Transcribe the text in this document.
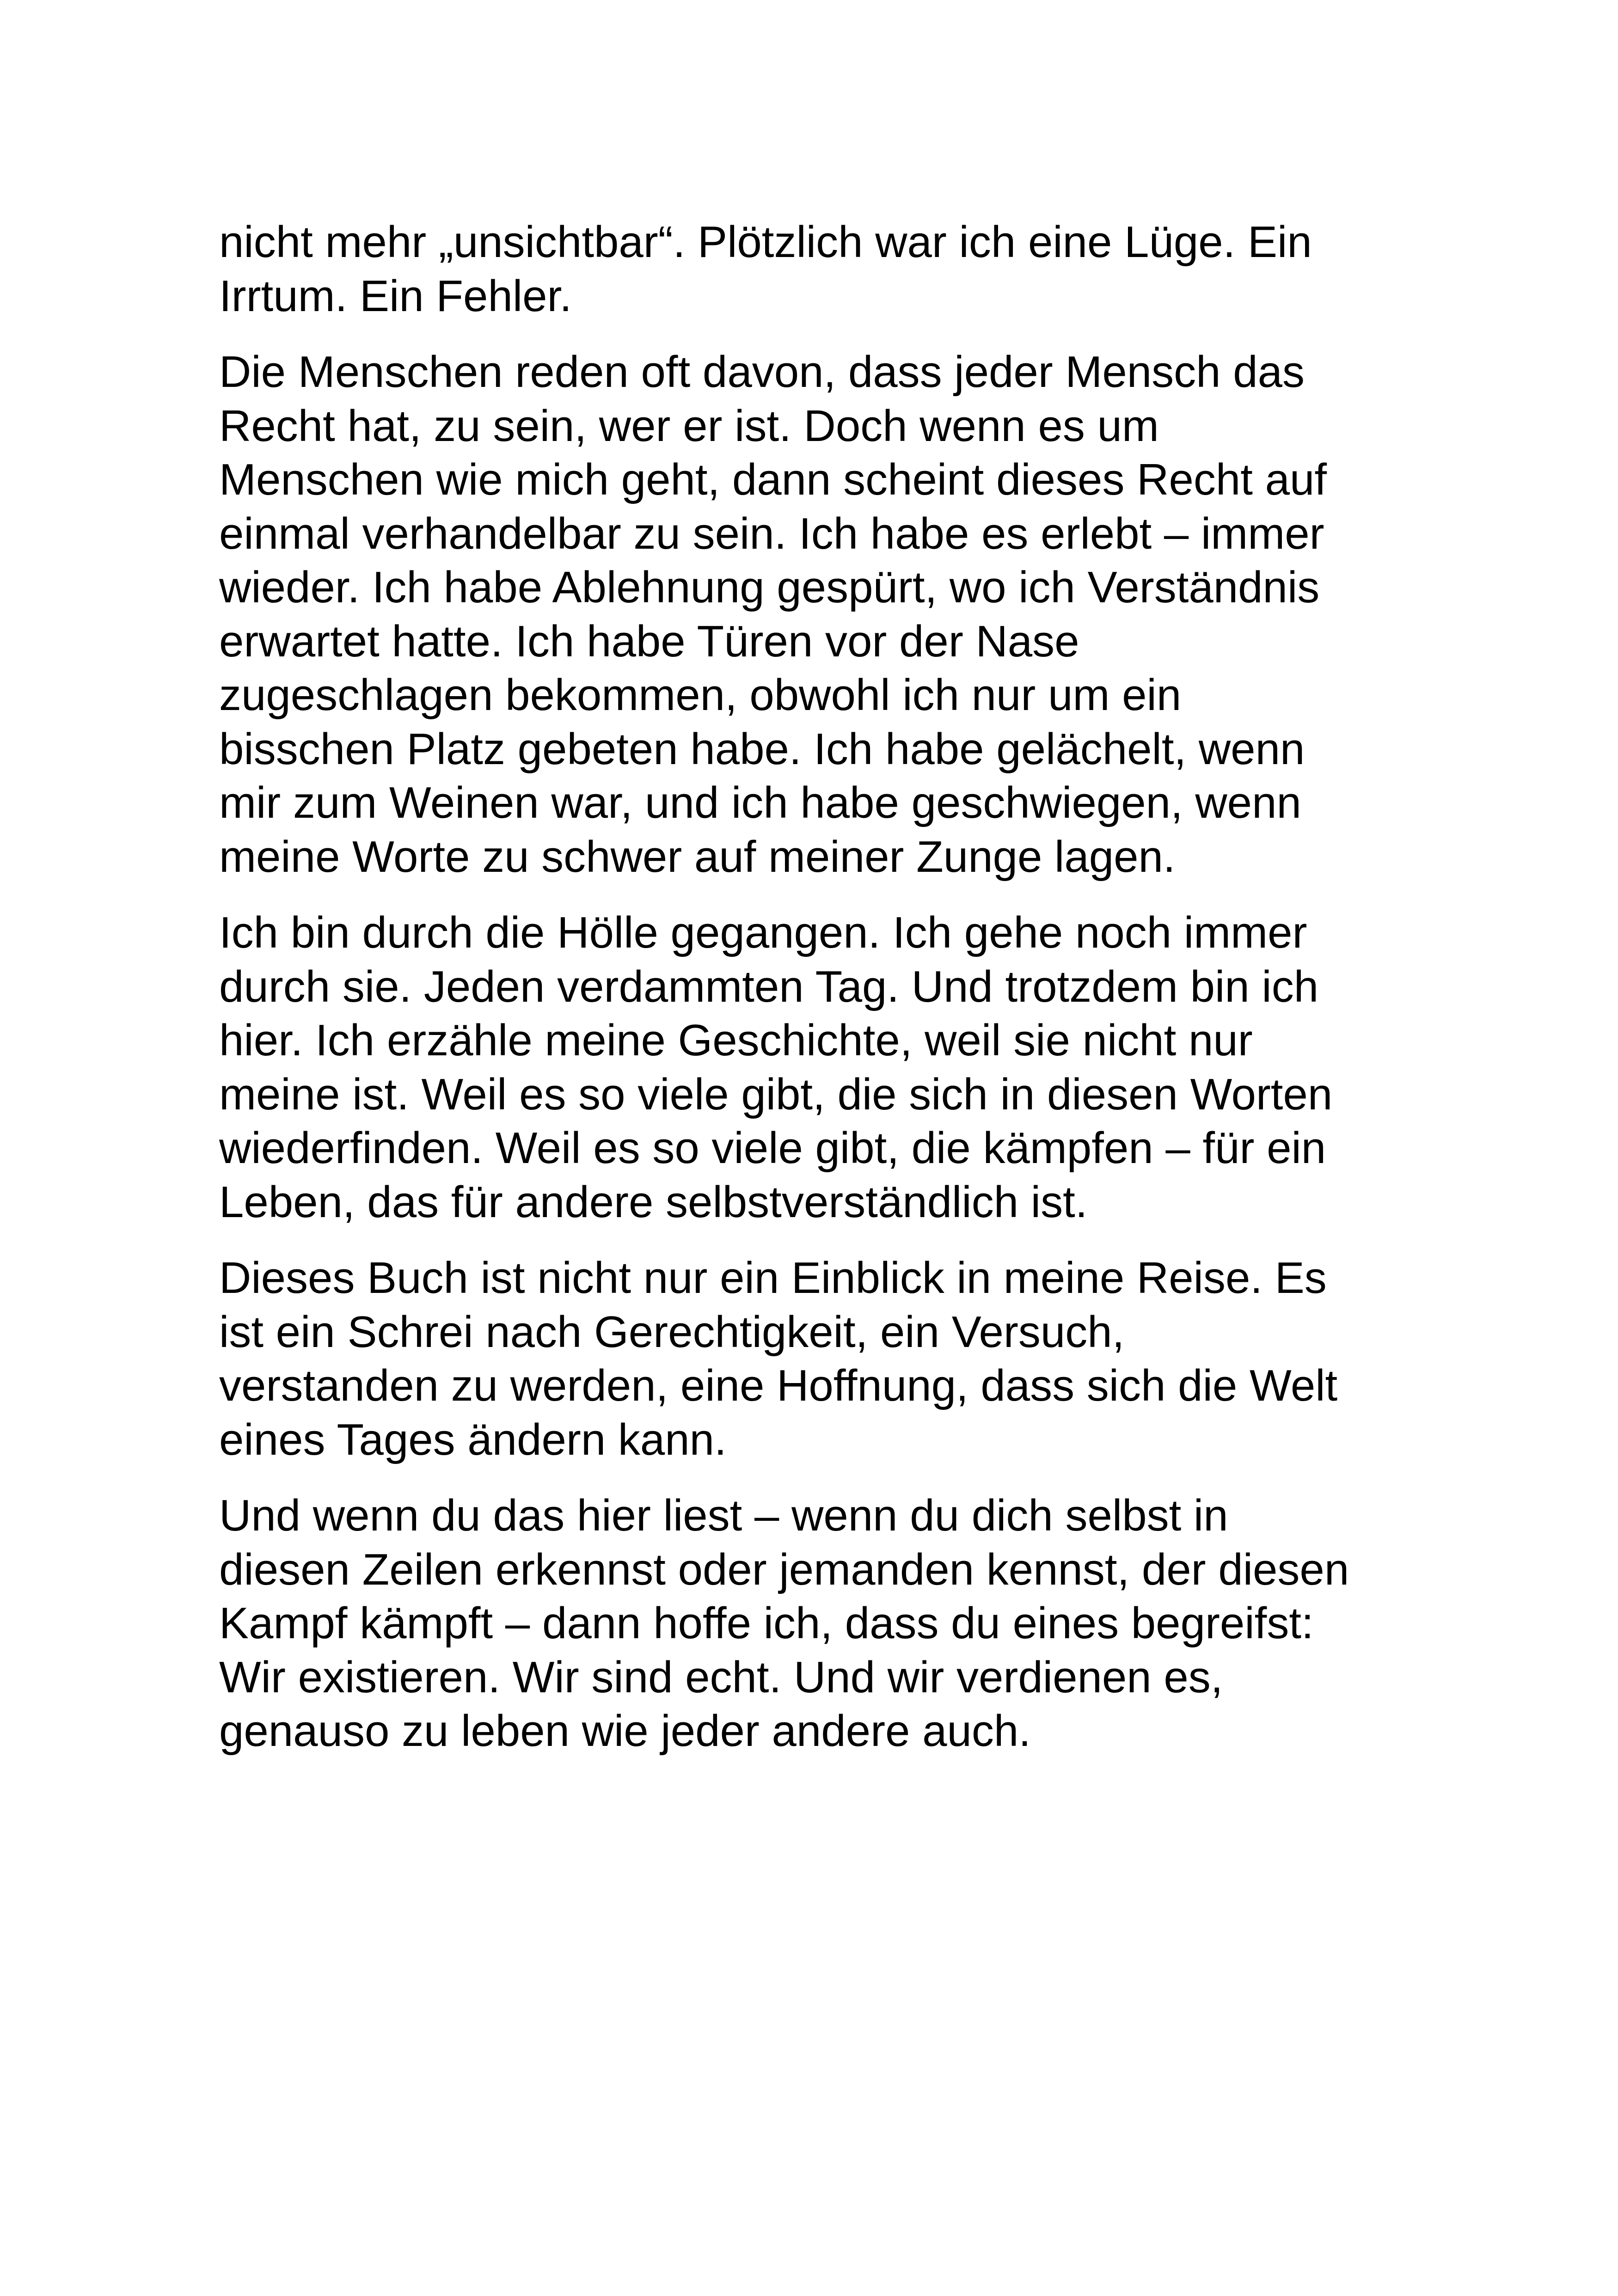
nicht mehr „unsichtbar“. Plötzlich war ich eine Lüge. Ein
Irrtum. Ein Fehler.

Die Menschen reden oft davon, dass jeder Mensch das
Recht hat, zu sein, wer er ist. Doch wenn es um
Menschen wie mich geht, dann scheint dieses Recht auf
einmal verhandelbar zu sein. Ich habe es erlebt – immer
wieder. Ich habe Ablehnung gespürt, wo ich Verständnis
erwartet hatte. Ich habe Türen vor der Nase
zugeschlagen bekommen, obwohl ich nur um ein
bisschen Platz gebeten habe. Ich habe gelächelt, wenn
mir zum Weinen war, und ich habe geschwiegen, wenn
meine Worte zu schwer auf meiner Zunge lagen.

Ich bin durch die Hölle gegangen. Ich gehe noch immer
durch sie. Jeden verdammten Tag. Und trotzdem bin ich
hier. Ich erzähle meine Geschichte, weil sie nicht nur
meine ist. Weil es so viele gibt, die sich in diesen Worten
wiederfinden. Weil es so viele gibt, die kämpfen – für ein
Leben, das für andere selbstverständlich ist.

Dieses Buch ist nicht nur ein Einblick in meine Reise. Es
ist ein Schrei nach Gerechtigkeit, ein Versuch,
verstanden zu werden, eine Hoffnung, dass sich die Welt
eines Tages ändern kann.

Und wenn du das hier liest – wenn du dich selbst in
diesen Zeilen erkennst oder jemanden kennst, der diesen
Kampf kämpft – dann hoffe ich, dass du eines begreifst:
Wir existieren. Wir sind echt. Und wir verdienen es,
genauso zu leben wie jeder andere auch.
